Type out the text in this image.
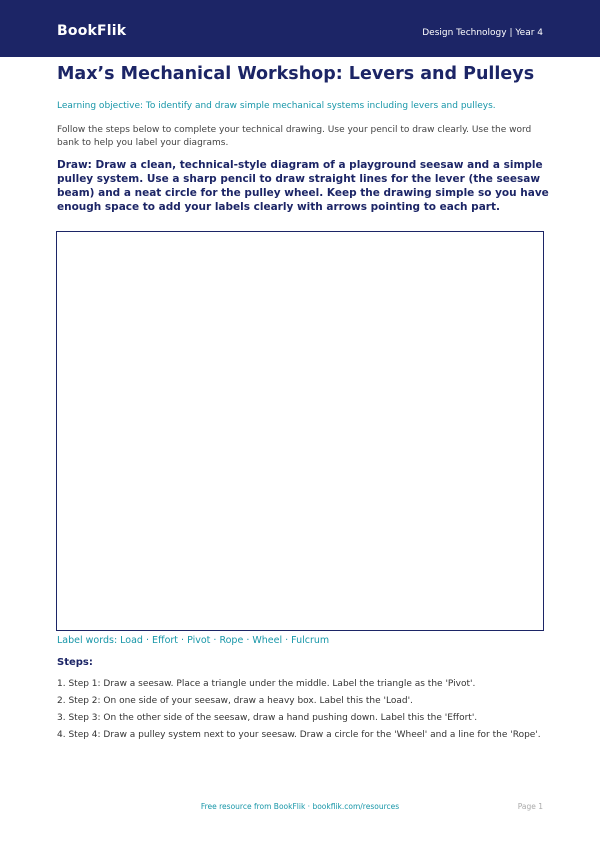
BookFlik	Design Technology | Year 4
Max’s Mechanical Workshop: Levers and Pulleys

Learning objective: To identify and draw simple mechanical systems including levers and pulleys.

Follow the steps below to complete your technical drawing. Use your pencil to draw clearly. Use the word bank to help you label your diagrams.

Draw: Draw a clean, technical-style diagram of a playground seesaw and a simple pulley system. Use a sharp pencil to draw straight lines for the lever (the seesaw beam) and a neat circle for the pulley wheel. Keep the drawing simple so you have enough space to add your labels clearly with arrows pointing to each part.

Label words: Load · Effort · Pivot · Rope · Wheel · Fulcrum

Steps:

1. Step 1: Draw a seesaw. Place a triangle under the middle. Label the triangle as the 'Pivot'.
2. Step 2: On one side of your seesaw, draw a heavy box. Label this the 'Load'.
3. Step 3: On the other side of the seesaw, draw a hand pushing down. Label this the 'Effort'.
4. Step 4: Draw a pulley system next to your seesaw. Draw a circle for the 'Wheel' and a line for the 'Rope'.
Free resource from BookFlik · bookflik.com/resources	Page 1
